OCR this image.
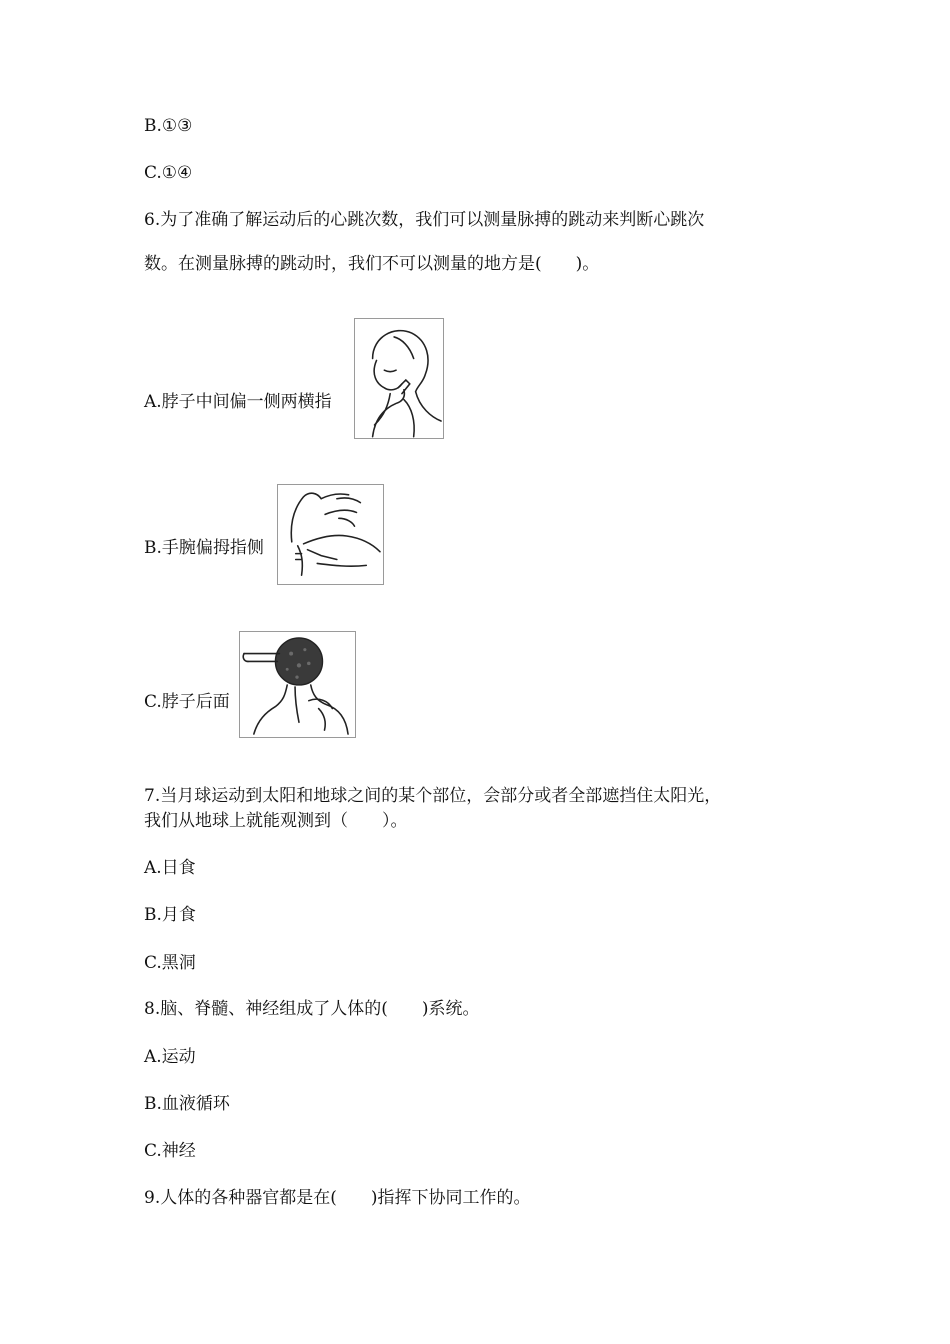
B.①③
C.①④
6.为了准确了解运动后的心跳次数，我们可以测量脉搏的跳动来判断心跳次
数。在测量脉搏的跳动时，我们不可以测量的地方是(　　)。
A.脖子中间偏一侧两横指
B.手腕偏拇指侧
C.脖子后面
7.当月球运动到太阳和地球之间的某个部位，会部分或者全部遮挡住太阳光，
我们从地球上就能观测到（　　）。
A.日食
B.月食
C.黑洞
8.脑、脊髓、神经组成了人体的(　　)系统。
A.运动
B.血液循环
C.神经
9.人体的各种器官都是在(　　)指挥下协同工作的。
